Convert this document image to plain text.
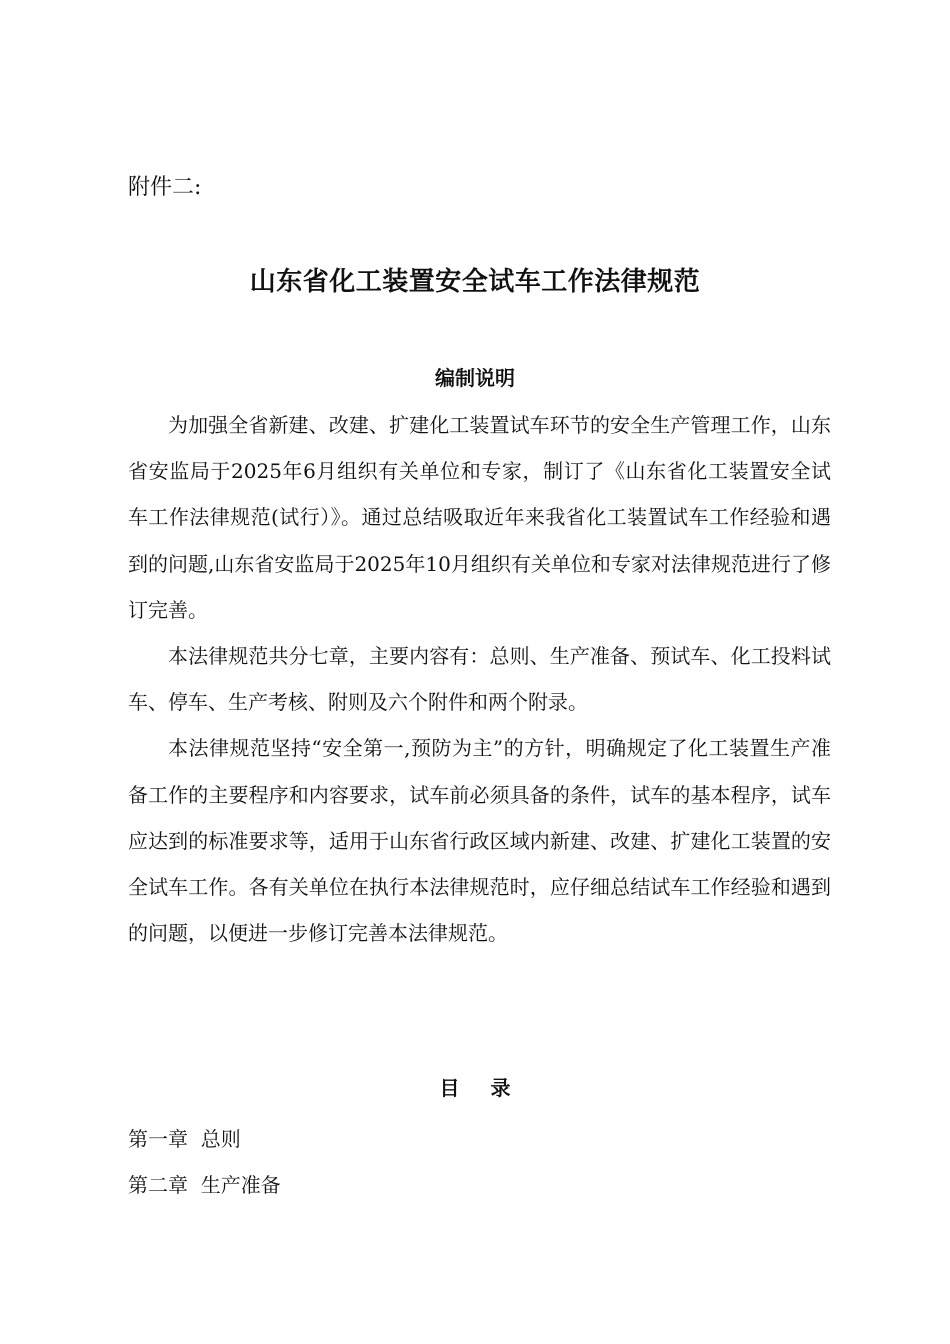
附件二:
山东省化工装置安全试车工作法律规范
编制说明

为加强全省新建、改建、扩建化工装置试车环节的安全生产管理工作，山东省安监局于2025年6月组织有关单位和专家，制订了《山东省化工装置安全试车工作法律规范(试行）》。通过总结吸取近年来我省化工装置试车工作经验和遇到的问题,山东省安监局于2025年10月组织有关单位和专家对法律规范进行了修订完善。

本法律规范共分七章，主要内容有：总则、生产准备、预试车、化工投料试车、停车、生产考核、附则及六个附件和两个附录。

本法律规范坚持“安全第一,预防为主”的方针，明确规定了化工装置生产准备工作的主要程序和内容要求，试车前必须具备的条件，试车的基本程序，试车应达到的标准要求等，适用于山东省行政区域内新建、改建、扩建化工装置的安全试车工作。各有关单位在执行本法律规范时，应仔细总结试车工作经验和遇到的问题，以便进一步修订完善本法律规范。

目 录
第一章  总则
第二章  生产准备
